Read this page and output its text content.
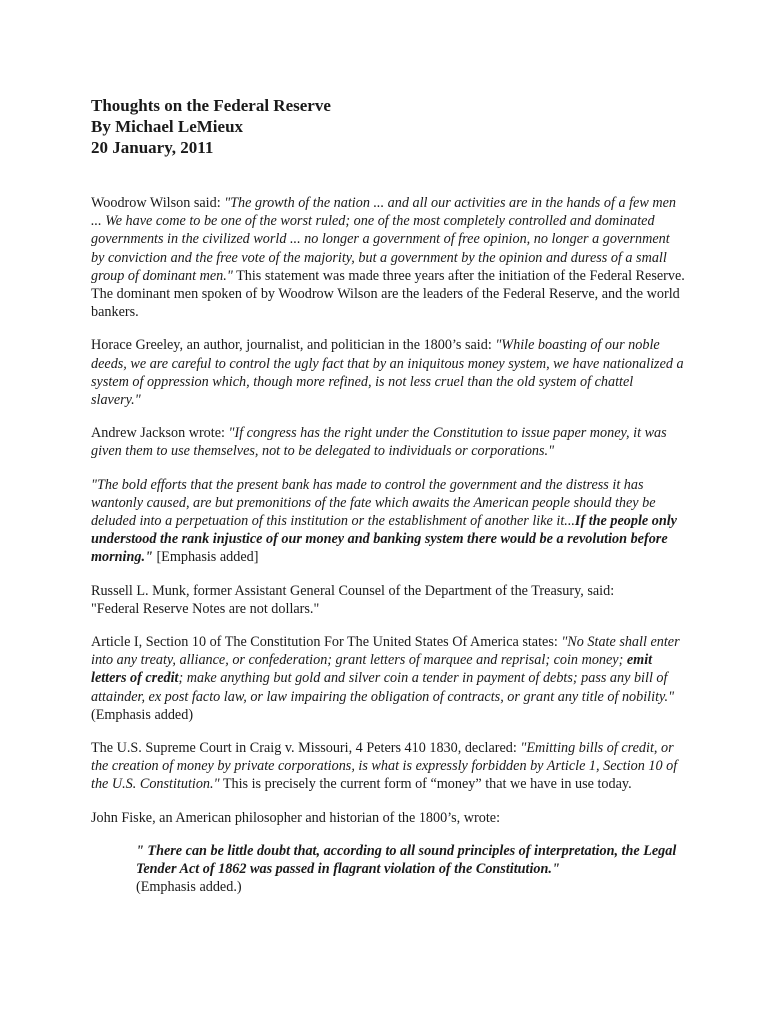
Thoughts on the Federal Reserve
By Michael LeMieux
20 January, 2011

Woodrow Wilson said: "The growth of the nation ... and all our activities are in the hands of a few men ... We have come to be one of the worst ruled; one of the most completely controlled and dominated governments in the civilized world ... no longer a government of free opinion, no longer a government by conviction and the free vote of the majority, but a government by the opinion and duress of a small group of dominant men." This statement was made three years after the initiation of the Federal Reserve. The dominant men spoken of by Woodrow Wilson are the leaders of the Federal Reserve, and the world bankers.

Horace Greeley, an author, journalist, and politician in the 1800’s said: "While boasting of our noble deeds, we are careful to control the ugly fact that by an iniquitous money system, we have nationalized a system of oppression which, though more refined, is not less cruel than the old system of chattel slavery."

Andrew Jackson wrote: "If congress has the right under the Constitution to issue paper money, it was given them to use themselves, not to be delegated to individuals or corporations."

"The bold efforts that the present bank has made to control the government and the distress it has wantonly caused, are but premonitions of the fate which awaits the American people should they be deluded into a perpetuation of this institution or the establishment of another like it...If the people only understood the rank injustice of our money and banking system there would be a revolution before morning." [Emphasis added]

Russell L. Munk, former Assistant General Counsel of the Department of the Treasury, said:
"Federal Reserve Notes are not dollars."

Article I, Section 10 of The Constitution For The United States Of America states: "No State shall enter into any treaty, alliance, or confederation; grant letters of marquee and reprisal; coin money; emit letters of credit; make anything but gold and silver coin a tender in payment of debts; pass any bill of attainder, ex post facto law, or law impairing the obligation of contracts, or grant any title of nobility." (Emphasis added)

The U.S. Supreme Court in Craig v. Missouri, 4 Peters 410 1830, declared: "Emitting bills of credit, or the creation of money by private corporations, is what is expressly forbidden by Article 1, Section 10 of the U.S. Constitution." This is precisely the current form of “money” that we have in use today.

John Fiske, an American philosopher and historian of the 1800’s, wrote:

" There can be little doubt that, according to all sound principles of interpretation, the Legal Tender Act of 1862 was passed in flagrant violation of the Constitution."
(Emphasis added.)
